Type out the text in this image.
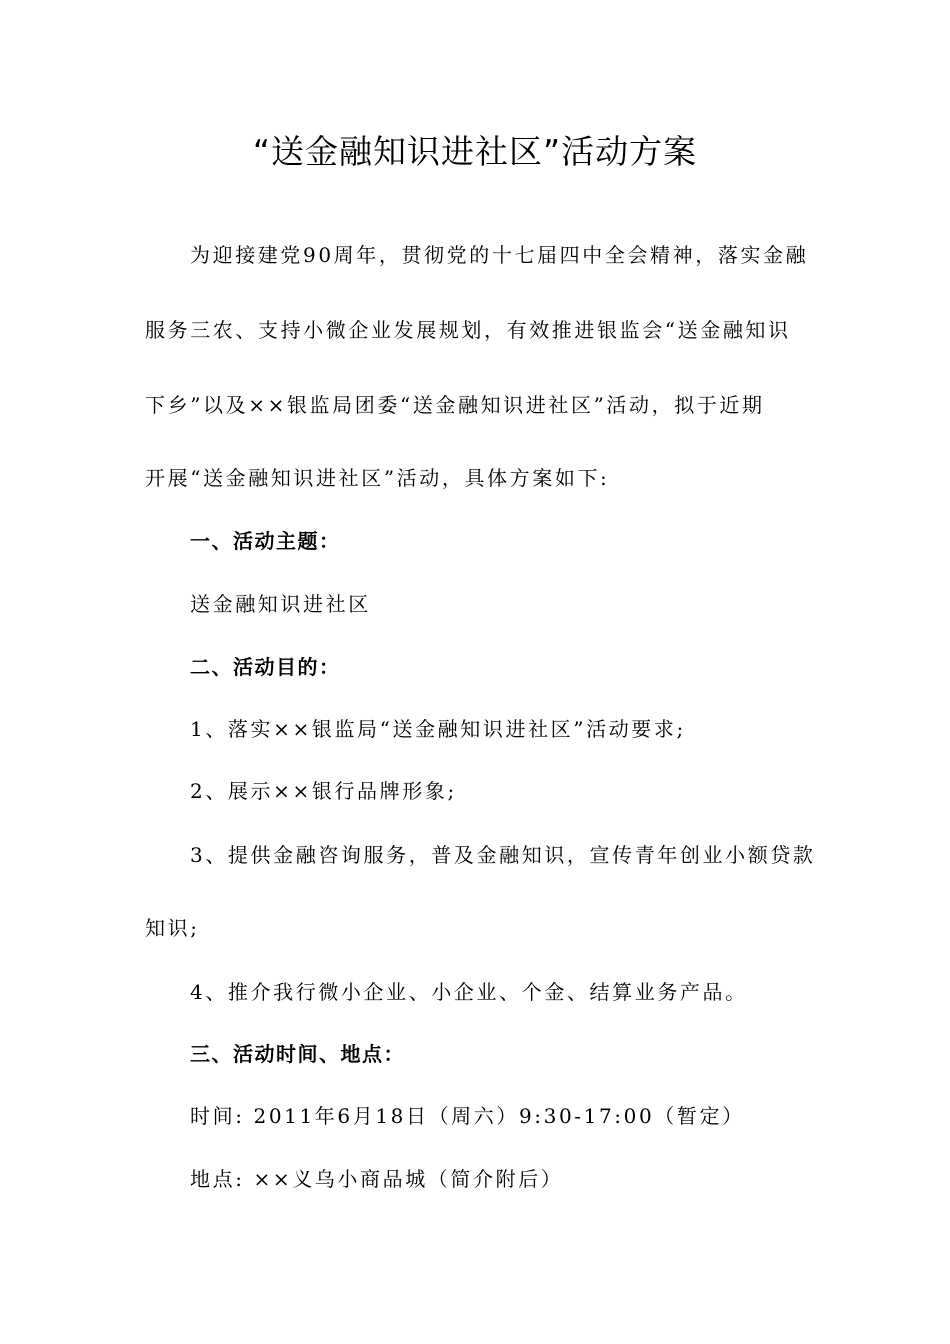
“送金融知识进社区”活动方案
为迎接建党90周年，贯彻党的十七届四中全会精神，落实金融
服务三农、支持小微企业发展规划，有效推进银监会“送金融知识
下乡”以及××银监局团委“送金融知识进社区”活动，拟于近期
开展“送金融知识进社区”活动，具体方案如下:
一、活动主题：
送金融知识进社区
二、活动目的：
1、落实××银监局“送金融知识进社区”活动要求;
2、展示××银行品牌形象;
3、提供金融咨询服务，普及金融知识，宣传青年创业小额贷款
知识;
4、推介我行微小企业、小企业、个金、结算业务产品。
三、活动时间、地点：
时间: 2011年6月18日（周六）9:30-17:00（暂定）
地点: ××义乌小商品城（简介附后）
